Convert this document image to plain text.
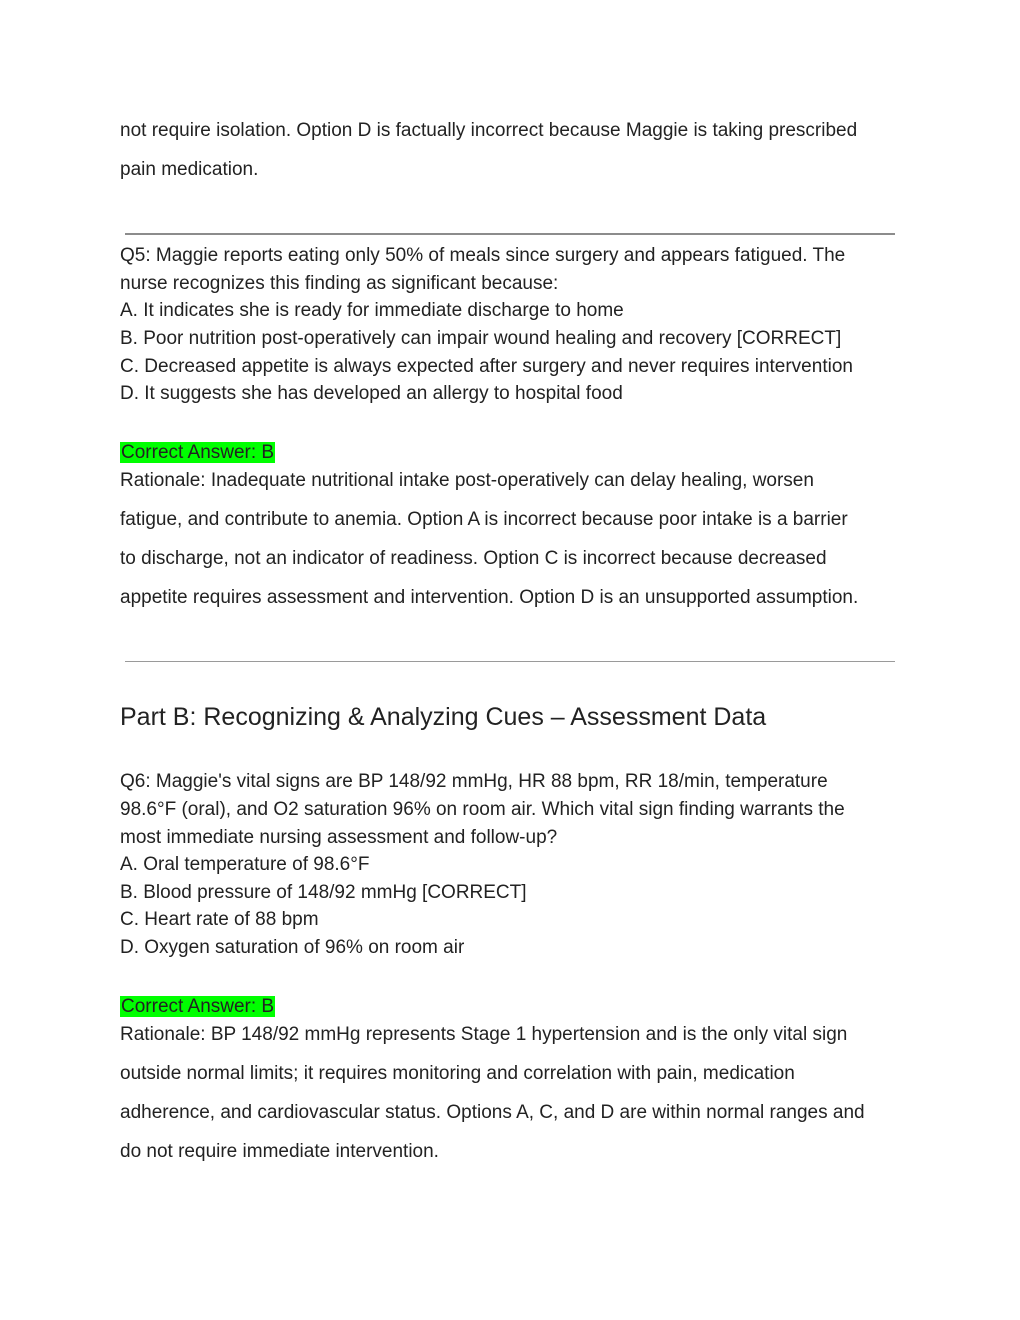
not require isolation. Option D is factually incorrect because Maggie is taking prescribed

pain medication.

Q5: Maggie reports eating only 50% of meals since surgery and appears fatigued. The

nurse recognizes this finding as significant because:

A. It indicates she is ready for immediate discharge to home

B. Poor nutrition post-operatively can impair wound healing and recovery [CORRECT]

C. Decreased appetite is always expected after surgery and never requires intervention

D. It suggests she has developed an allergy to hospital food

Correct Answer: B

Rationale: Inadequate nutritional intake post-operatively can delay healing, worsen

fatigue, and contribute to anemia. Option A is incorrect because poor intake is a barrier

to discharge, not an indicator of readiness. Option C is incorrect because decreased

appetite requires assessment and intervention. Option D is an unsupported assumption.

Part B: Recognizing & Analyzing Cues – Assessment Data

Q6: Maggie's vital signs are BP 148/92 mmHg, HR 88 bpm, RR 18/min, temperature

98.6°F (oral), and O2 saturation 96% on room air. Which vital sign finding warrants the

most immediate nursing assessment and follow-up?

A. Oral temperature of 98.6°F

B. Blood pressure of 148/92 mmHg [CORRECT]

C. Heart rate of 88 bpm

D. Oxygen saturation of 96% on room air

Correct Answer: B

Rationale: BP 148/92 mmHg represents Stage 1 hypertension and is the only vital sign

outside normal limits; it requires monitoring and correlation with pain, medication

adherence, and cardiovascular status. Options A, C, and D are within normal ranges and

do not require immediate intervention.
